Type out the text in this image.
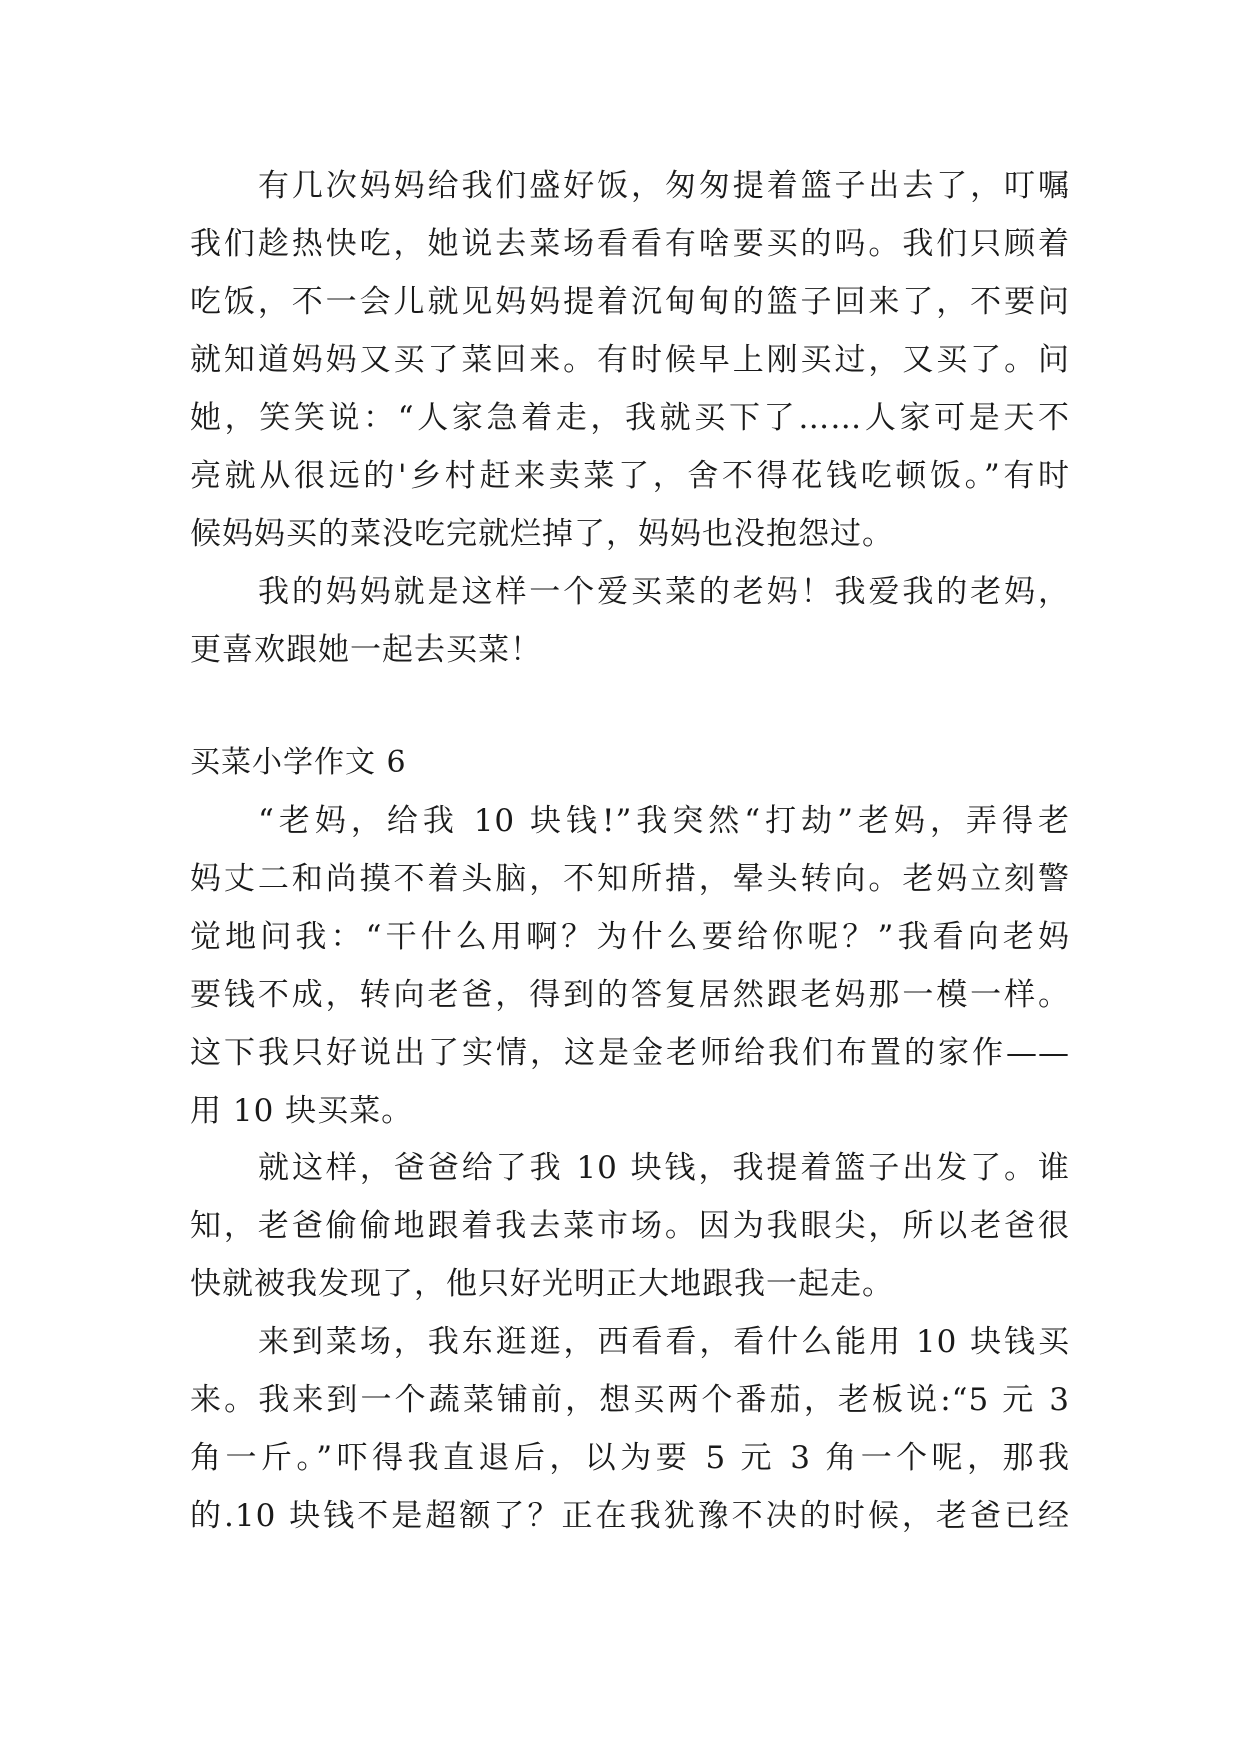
有几次妈妈给我们盛好饭，匆匆提着篮子出去了，叮嘱
我们趁热快吃，她说去菜场看看有啥要买的吗。我们只顾着
吃饭，不一会儿就见妈妈提着沉甸甸的篮子回来了，不要问
就知道妈妈又买了菜回来。有时候早上刚买过，又买了。问
她，笑笑说：“人家急着走，我就买下了……人家可是天不
亮就从很远的'乡村赶来卖菜了，舍不得花钱吃顿饭。”有时
候妈妈买的菜没吃完就烂掉了，妈妈也没抱怨过。
我的妈妈就是这样一个爱买菜的老妈！我爱我的老妈，
更喜欢跟她一起去买菜！
买菜小学作文 6
“老妈，给我 10 块钱!”我突然“打劫”老妈，弄得老
妈丈二和尚摸不着头脑，不知所措，晕头转向。老妈立刻警
觉地问我：“干什么用啊？为什么要给你呢？”我看向老妈
要钱不成，转向老爸，得到的答复居然跟老妈那一模一样。
这下我只好说出了实情，这是金老师给我们布置的家作——
用 10 块买菜。
就这样，爸爸给了我 10 块钱，我提着篮子出发了。谁
知，老爸偷偷地跟着我去菜市场。因为我眼尖，所以老爸很
快就被我发现了，他只好光明正大地跟我一起走。
来到菜场，我东逛逛，西看看，看什么能用 10 块钱买
来。我来到一个蔬菜铺前，想买两个番茄，老板说:“5 元 3
角一斤。”吓得我直退后，以为要 5 元 3 角一个呢，那我
的.10 块钱不是超额了？正在我犹豫不决的时候，老爸已经
